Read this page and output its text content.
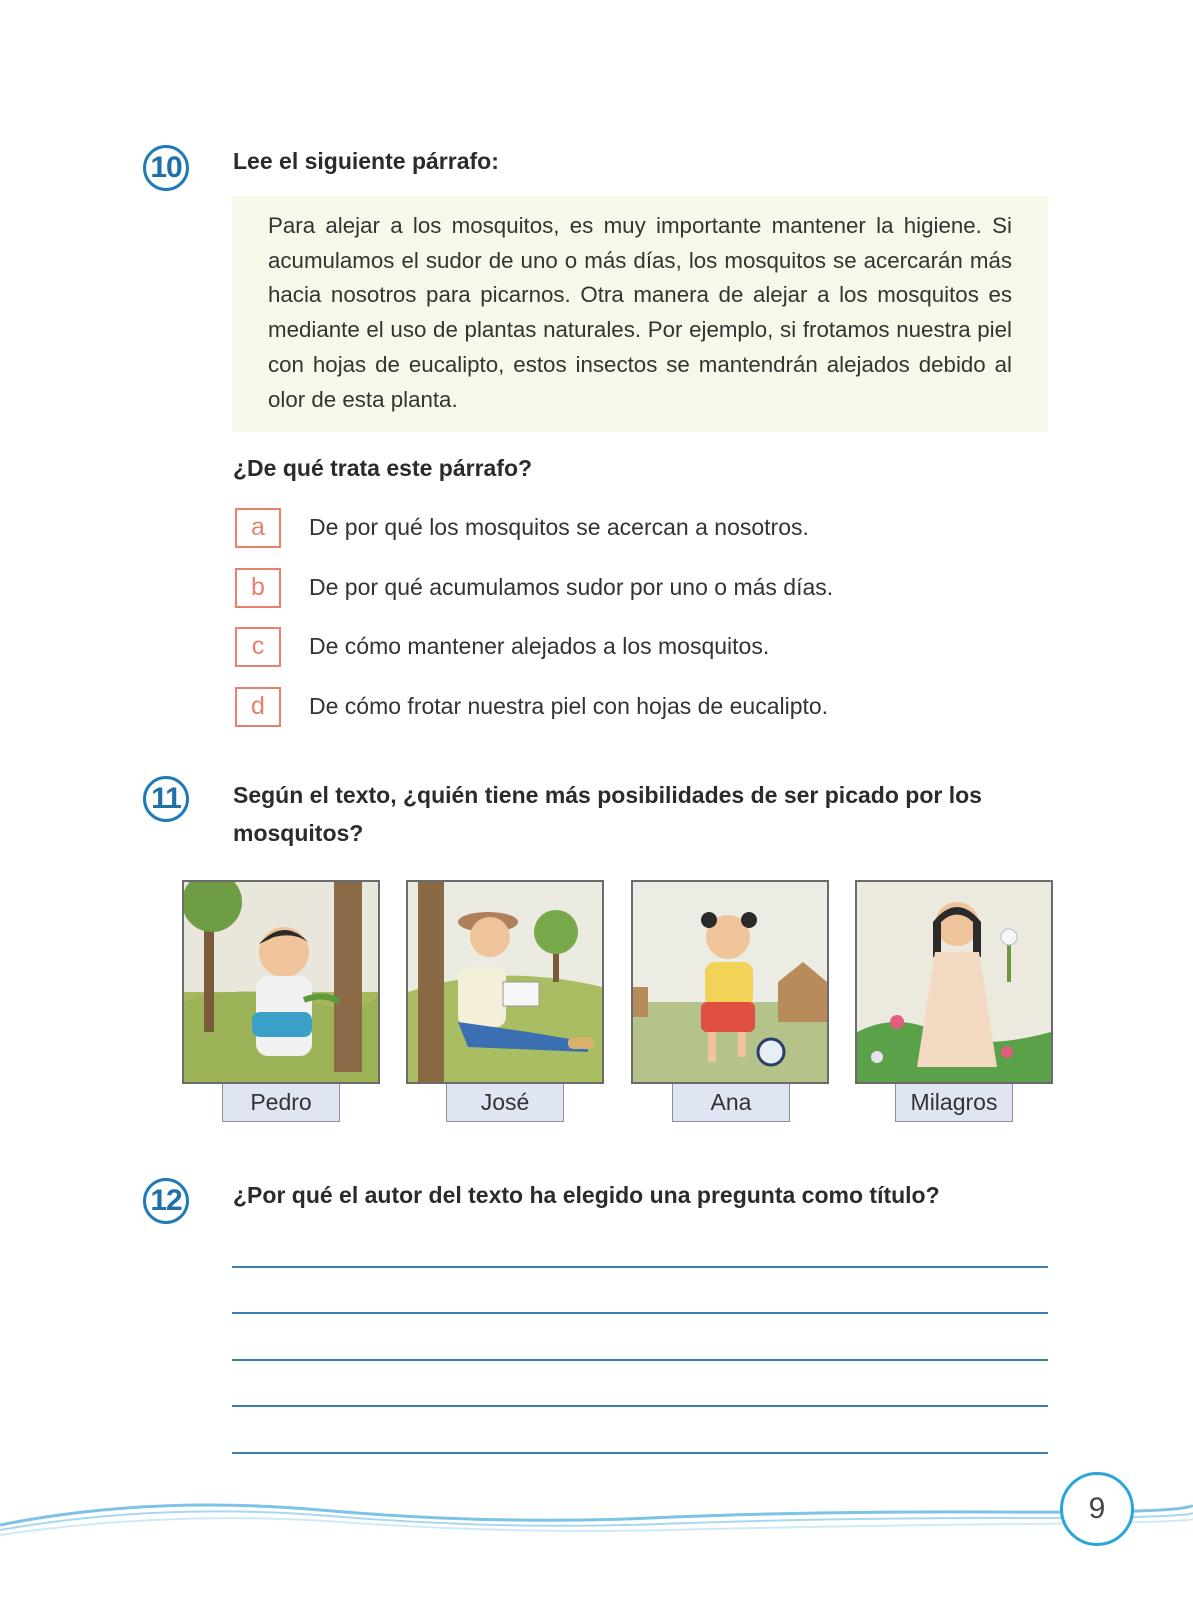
10	Lee el siguiente párrafo:

Para alejar a los mosquitos, es muy importante mantener la higiene. Si acumulamos el sudor de uno o más días, los mosquitos se acercarán más hacia nosotros para picarnos. Otra manera de alejar a los mosquitos es mediante el uso de plantas naturales. Por ejemplo, si frotamos nuestra piel con hojas de eucalipto, estos insectos se mantendrán alejados debido al olor de esta planta.

¿De qué trata este párrafo?
a	De por qué los mosquitos se acercan a nosotros.
b	De por qué acumulamos sudor por uno o más días.
c	De cómo mantener alejados a los mosquitos.
d	De cómo frotar nuestra piel con hojas de eucalipto.
11	Según el texto, ¿quién tiene más posibilidades de ser picado por los mosquitos?
Pedro	José	Ana	Milagros
12	¿Por qué el autor del texto ha elegido una pregunta como título?
9
